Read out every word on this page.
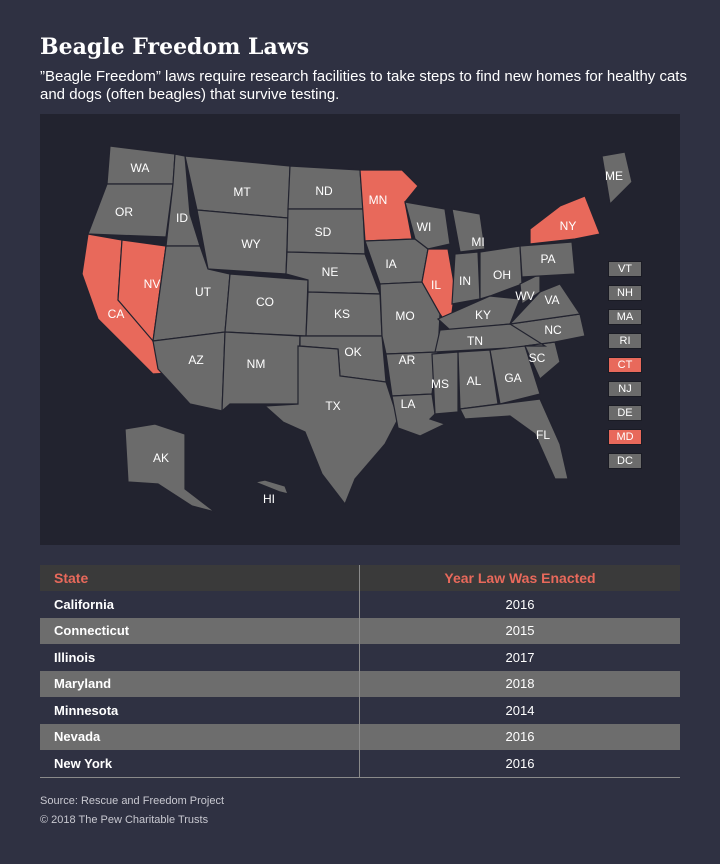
Beagle Freedom Laws

”Beagle Freedom” laws require research facilities to take steps to find new homes for healthy cats and dogs (often beagles) that survive testing.

WA
OR
CA
NV
ID
MT
WY
UT
AZ
CO
NM
ND
SD
NE
KS
OK
TX
MN
IA
MO
AR
LA
WI
IL
MI
IN OH
KY
TN
MS AL GA
FL
SC
NC
VA
WV
PA
NY
ME
AK
HI
VT
NH
MA
RI
CT
NJ
DE
MD
DC
State	Year Law Was Enacted
California	2016
Connecticut	2015
Illinois	2017
Maryland	2018
Minnesota	2014
Nevada	2016
New York	2016

Source: Rescue and Freedom Project

© 2018 The Pew Charitable Trusts
